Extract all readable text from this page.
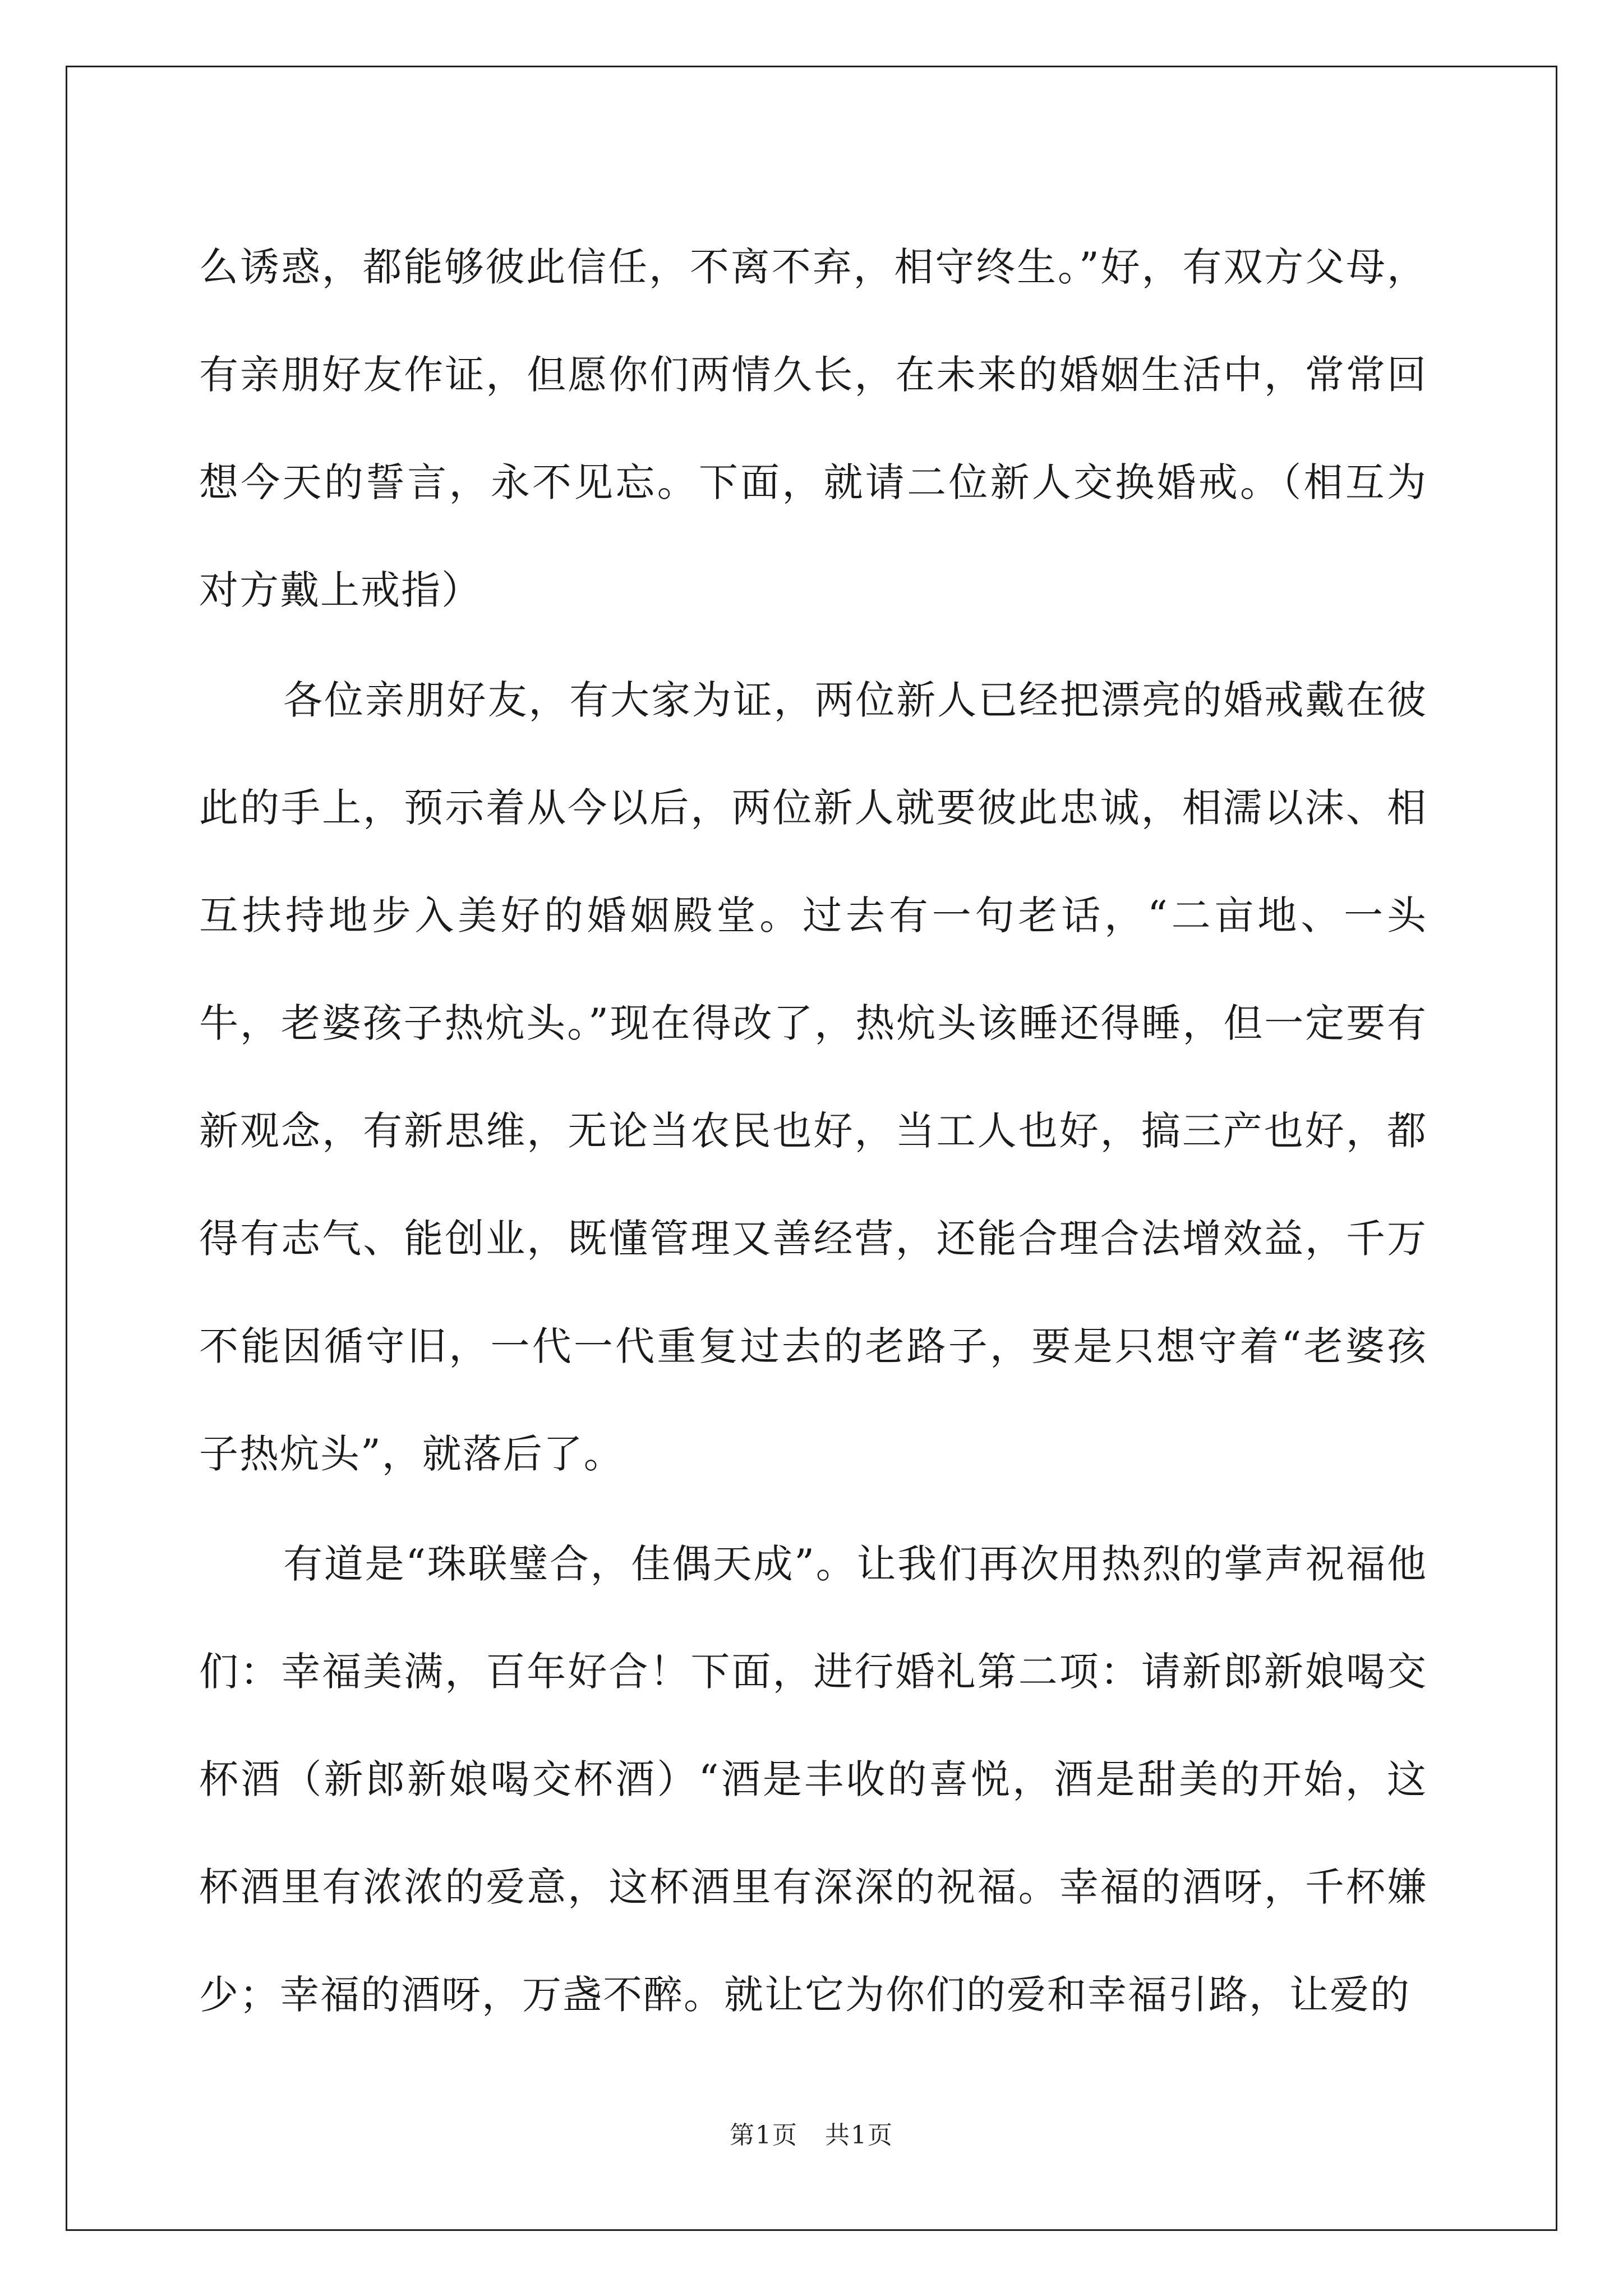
么诱惑，都能够彼此信任，不离不弃，相守终生。”好，有双方父母，有亲朋好友作证，但愿你们两情久长，在未来的婚姻生活中，常常回想今天的誓言，永不见忘。下面，就请二位新人交换婚戒。（相互为对方戴上戒指）

各位亲朋好友，有大家为证，两位新人已经把漂亮的婚戒戴在彼此的手上，预示着从今以后，两位新人就要彼此忠诚，相濡以沫、相互扶持地步入美好的婚姻殿堂。过去有一句老话，“二亩地、一头牛，老婆孩子热炕头。”现在得改了，热炕头该睡还得睡，但一定要有新观念，有新思维，无论当农民也好，当工人也好，搞三产也好，都得有志气、能创业，既懂管理又善经营，还能合理合法增效益，千万不能因循守旧，一代一代重复过去的老路子，要是只想守着“老婆孩子热炕头”，就落后了。

有道是“珠联璧合，佳偶天成”。让我们再次用热烈的掌声祝福他们：幸福美满，百年好合！下面，进行婚礼第二项：请新郎新娘喝交杯酒（新郎新娘喝交杯酒）“酒是丰收的喜悦，酒是甜美的开始，这杯酒里有浓浓的爱意，这杯酒里有深深的祝福。幸福的酒呀，千杯嫌少；幸福的酒呀，万盏不醉。就让它为你们的爱和幸福引路，让爱的

第1页 共1页
